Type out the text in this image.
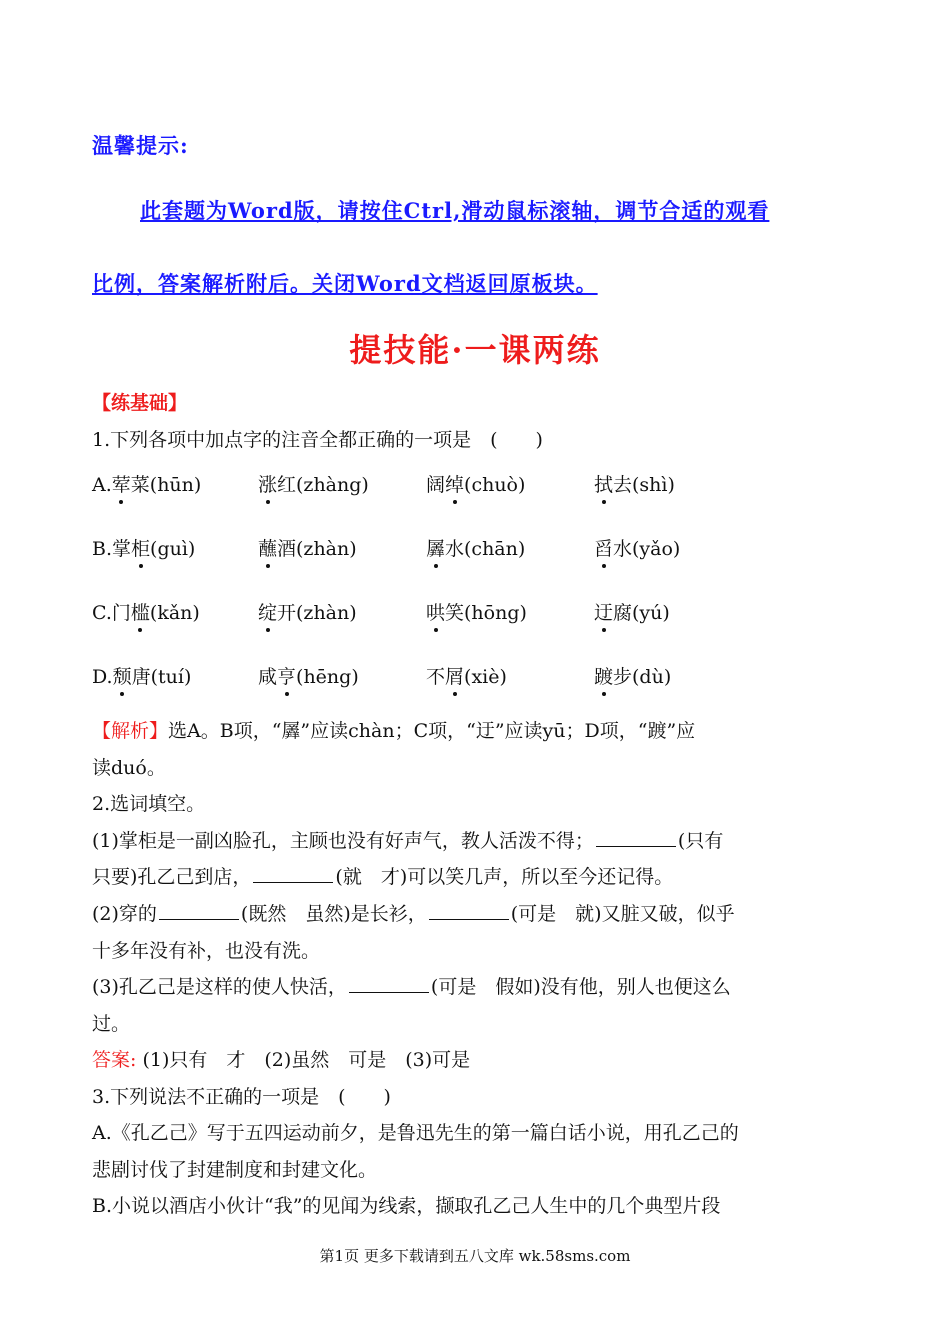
温馨提示:
此套题为Word版，请按住Ctrl,滑动鼠标滚轴，调节合适的观看
比例，答案解析附后。关闭Word文档返回原板块。
提技能·一课两练
【练基础】
1.下列各项中加点字的注音全都正确的一项是　(　　)
A.荤菜(hūn)	涨红(zhàng)	阔绰(chuò)	拭去(shì)
B.掌柜(guì)	蘸酒(zhàn)	羼水(chān)	舀水(yǎo)
C.门槛(kǎn)	绽开(zhàn)	哄笑(hōng)	迂腐(yú)
D.颓唐(tuí)	咸亨(hēng)	不屑(xiè)	踱步(dù)
【解析】选A。B项，“羼”应读chàn；C项，“迂”应读yū；D项，“踱”应
读duó。
2.选词填空。
(1)掌柜是一副凶脸孔，主顾也没有好声气，教人活泼不得；	(只有
只要)孔乙己到店，	(就　才)可以笑几声，所以至今还记得。
(2)穿的	(既然　虽然)是长衫，	(可是　就)又脏又破，似乎
十多年没有补，也没有洗。
(3)孔乙己是这样的使人快活，	(可是　假如)没有他，别人也便这么
过。
答案: (1)只有　才　(2)虽然　可是　(3)可是
3.下列说法不正确的一项是　(　　)
A.《孔乙己》写于五四运动前夕，是鲁迅先生的第一篇白话小说，用孔乙己的
悲剧讨伐了封建制度和封建文化。
B.小说以酒店小伙计“我”的见闻为线索，撷取孔乙己人生中的几个典型片段
第1页 更多下载请到五八文库 wk.58sms.com
